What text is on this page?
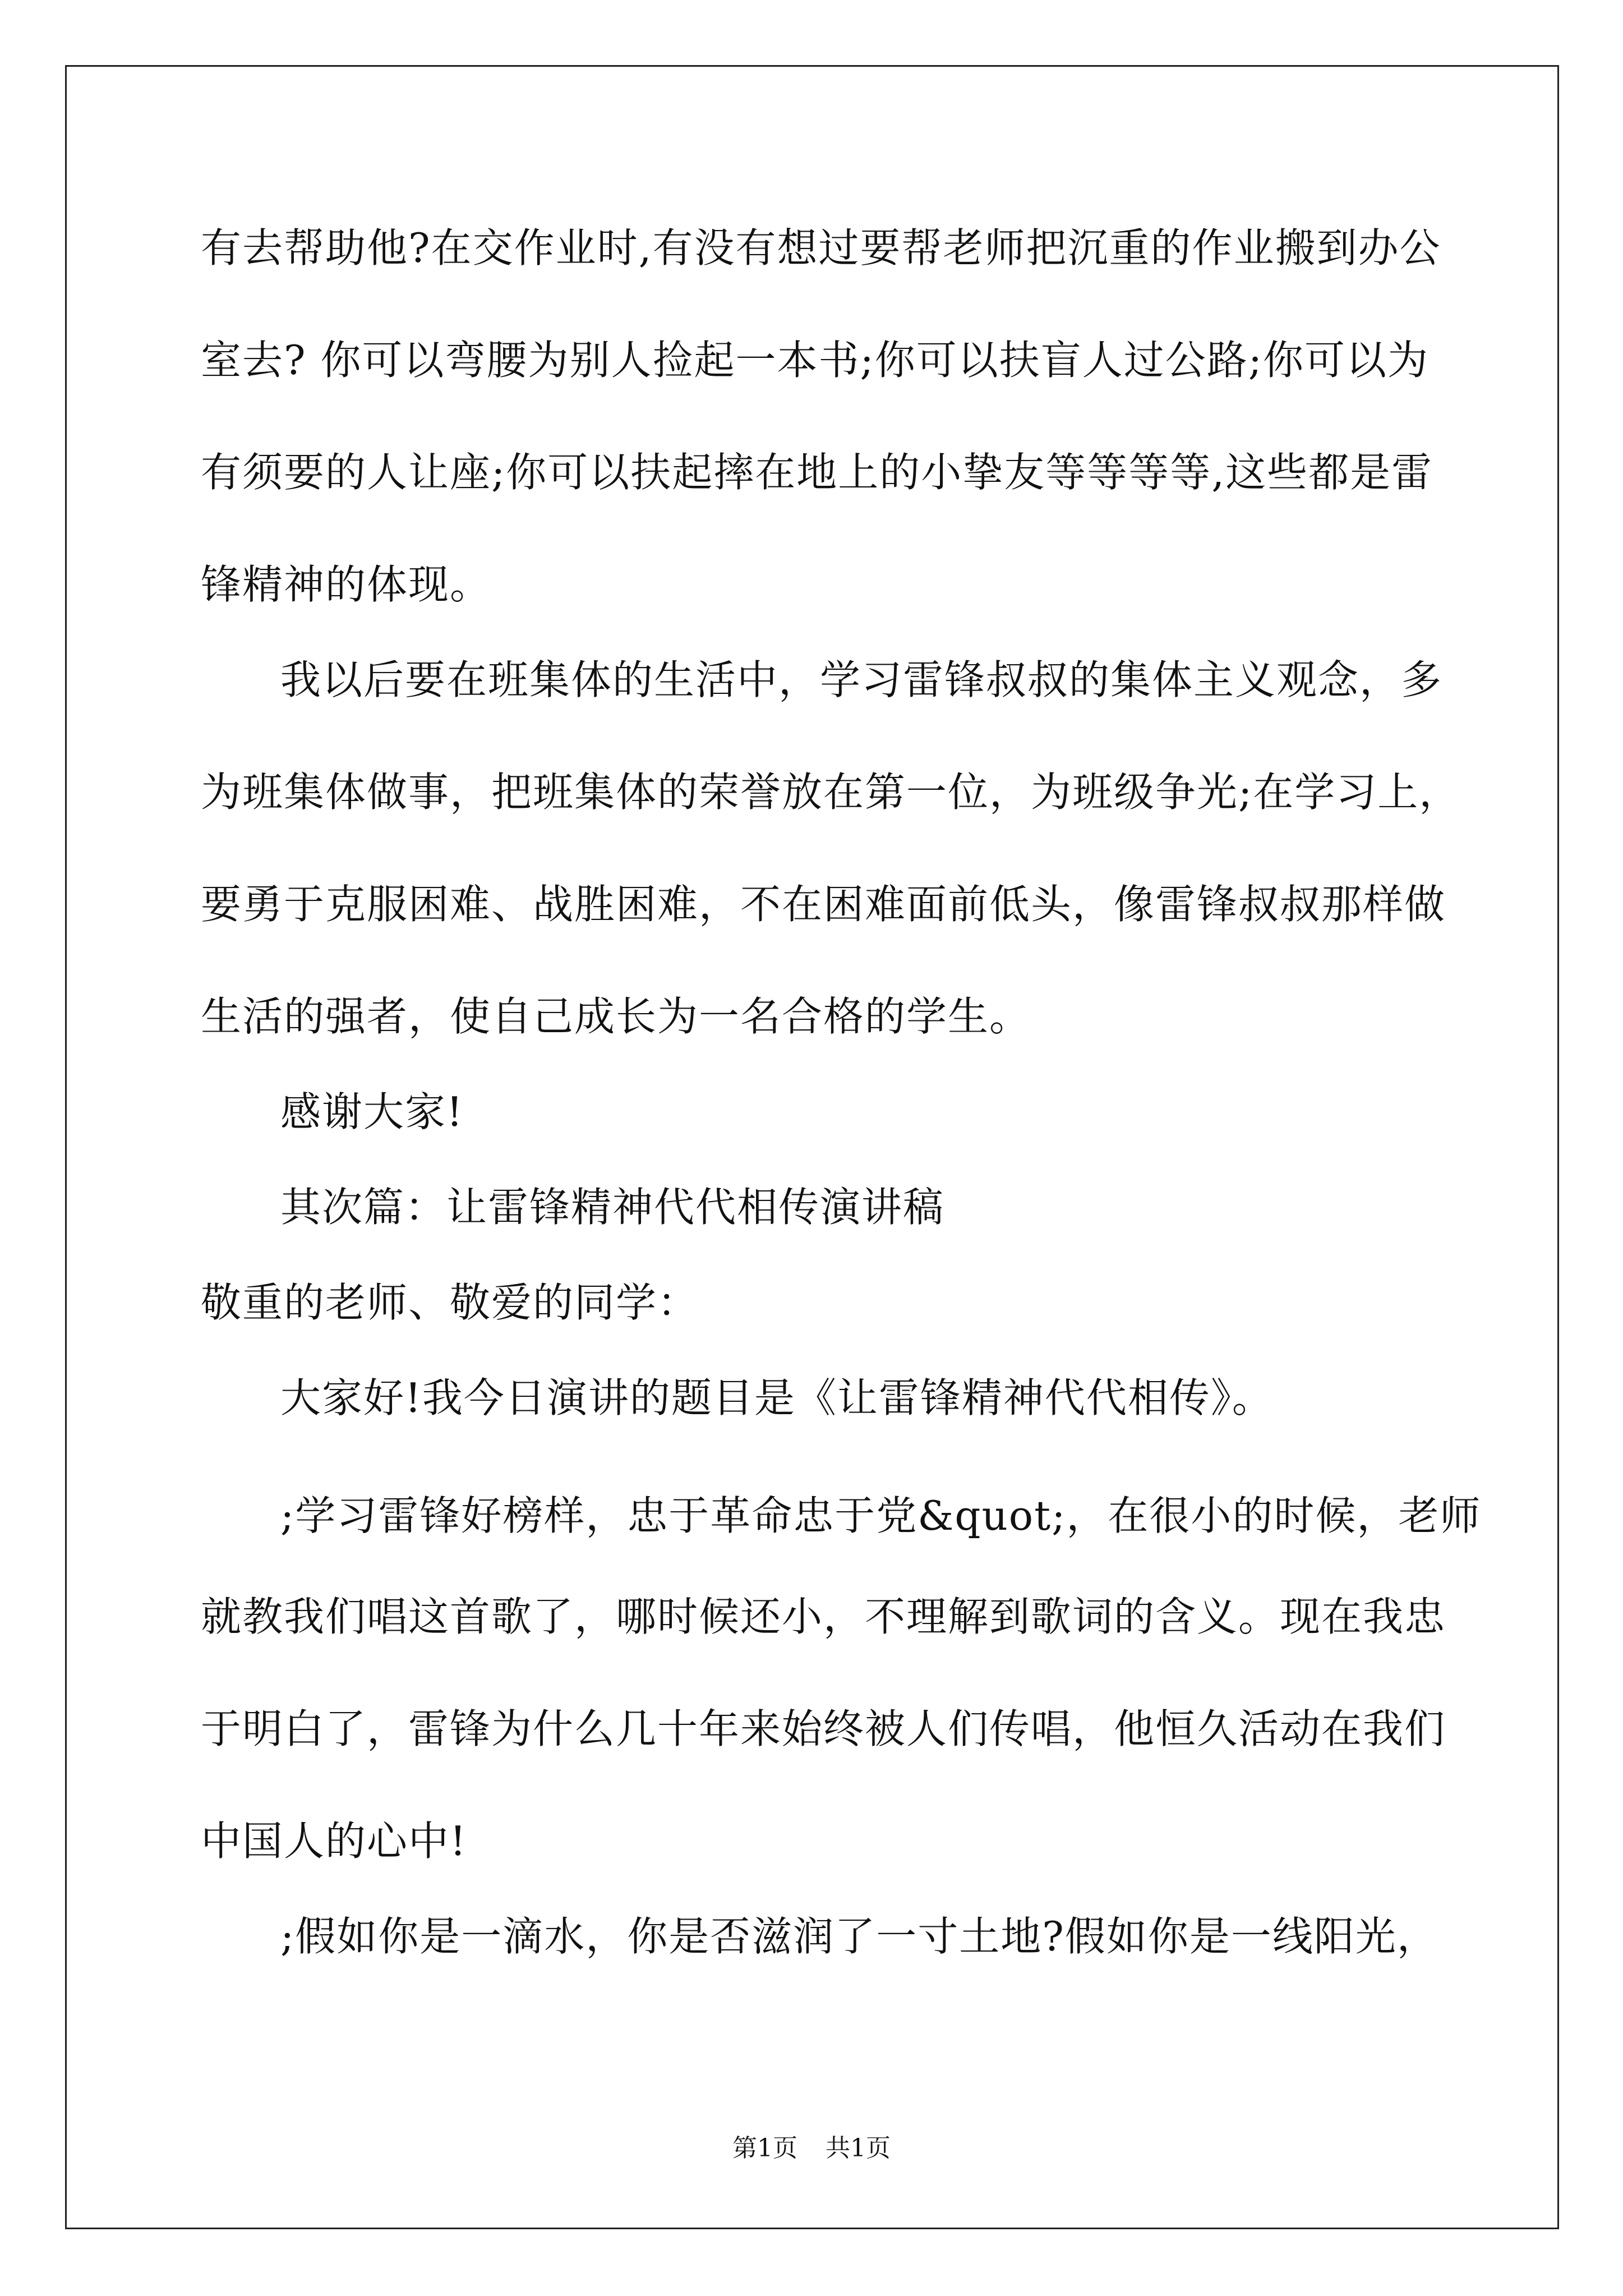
有去帮助他?在交作业时,有没有想过要帮老师把沉重的作业搬到办公
室去? 你可以弯腰为别人捡起一本书;你可以扶盲人过公路;你可以为
有须要的人让座;你可以扶起摔在地上的小挚友等等等等,这些都是雷
锋精神的体现。
我以后要在班集体的生活中，学习雷锋叔叔的集体主义观念，多
为班集体做事，把班集体的荣誉放在第一位，为班级争光;在学习上，
要勇于克服困难、战胜困难，不在困难面前低头，像雷锋叔叔那样做
生活的强者，使自己成长为一名合格的学生。
感谢大家!
其次篇：让雷锋精神代代相传演讲稿
敬重的老师、敬爱的同学：
大家好!我今日演讲的题目是《让雷锋精神代代相传》。
;学习雷锋好榜样，忠于革命忠于党&quot;，在很小的时候，老师
就教我们唱这首歌了，哪时候还小，不理解到歌词的含义。现在我忠
于明白了，雷锋为什么几十年来始终被人们传唱，他恒久活动在我们
中国人的心中!
;假如你是一滴水，你是否滋润了一寸土地?假如你是一线阳光，
第1页 共1页
